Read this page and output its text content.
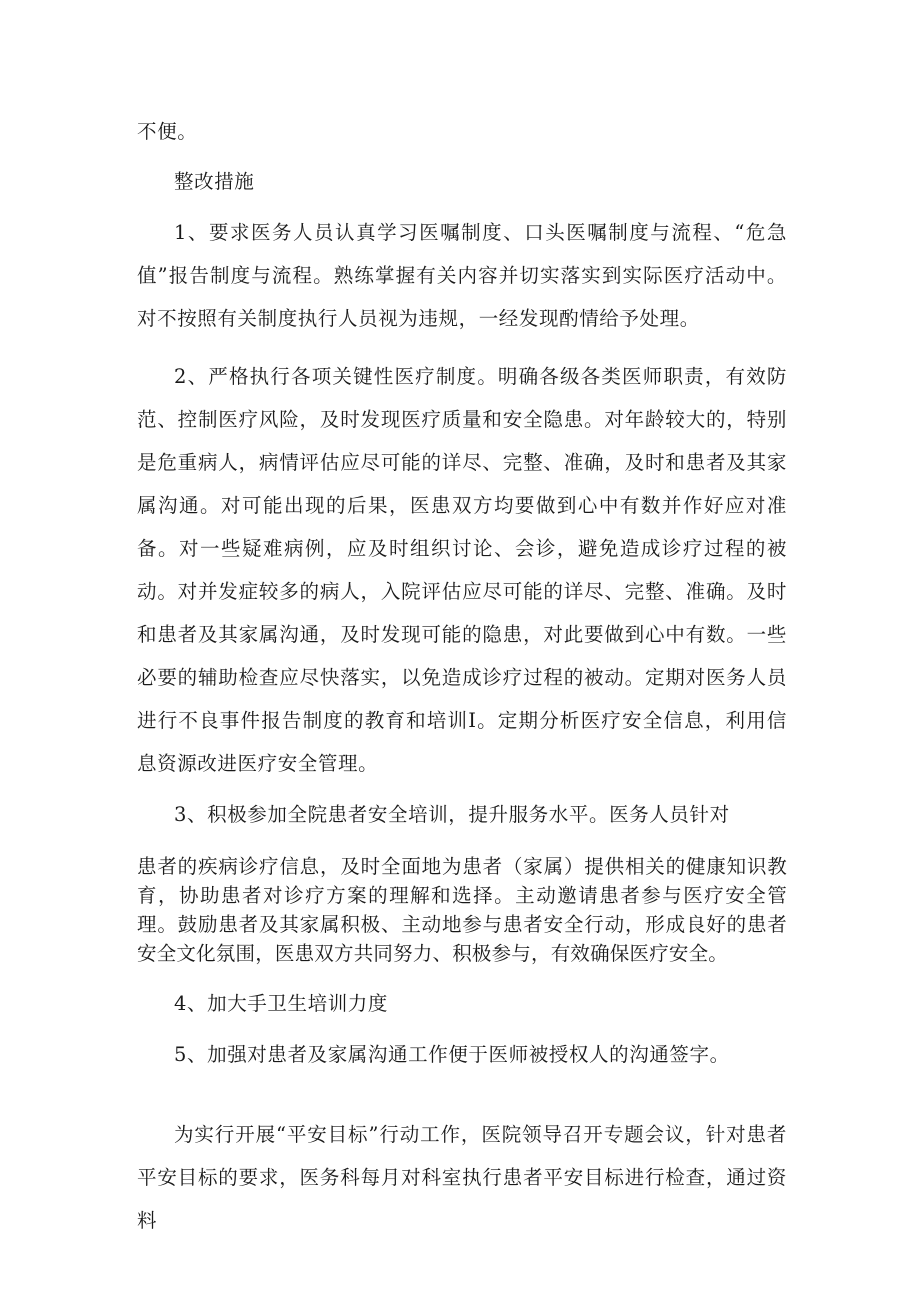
不便。

整改措施

1、要求医务人员认真学习医嘱制度、口头医嘱制度与流程、“危急值”报告制度与流程。熟练掌握有关内容并切实落实到实际医疗活动中。对不按照有关制度执行人员视为违规，一经发现酌情给予处理。

2、严格执行各项关键性医疗制度。明确各级各类医师职责，有效防范、控制医疗风险，及时发现医疗质量和安全隐患。对年龄较大的，特别是危重病人，病情评估应尽可能的详尽、完整、准确，及时和患者及其家属沟通。对可能出现的后果，医患双方均要做到心中有数并作好应对准备。对一些疑难病例，应及时组织讨论、会诊，避免造成诊疗过程的被动。对并发症较多的病人，入院评估应尽可能的详尽、完整、准确。及时和患者及其家属沟通，及时发现可能的隐患，对此要做到心中有数。一些必要的辅助检查应尽快落实，以免造成诊疗过程的被动。定期对医务人员进行不良事件报告制度的教育和培训I。定期分析医疗安全信息，利用信息资源改进医疗安全管理。

3、积极参加全院患者安全培训，提升服务水平。医务人员针对

患者的疾病诊疗信息，及时全面地为患者（家属）提供相关的健康知识教育，协助患者对诊疗方案的理解和选择。主动邀请患者参与医疗安全管理。鼓励患者及其家属积极、主动地参与患者安全行动，形成良好的患者安全文化氛围，医患双方共同努力、积极参与，有效确保医疗安全。

4、加大手卫生培训力度

5、加强对患者及家属沟通工作便于医师被授权人的沟通签字。

为实行开展“平安目标”行动工作，医院领导召开专题会议，针对患者平安目标的要求，医务科每月对科室执行患者平安目标进行检查，通过资料
